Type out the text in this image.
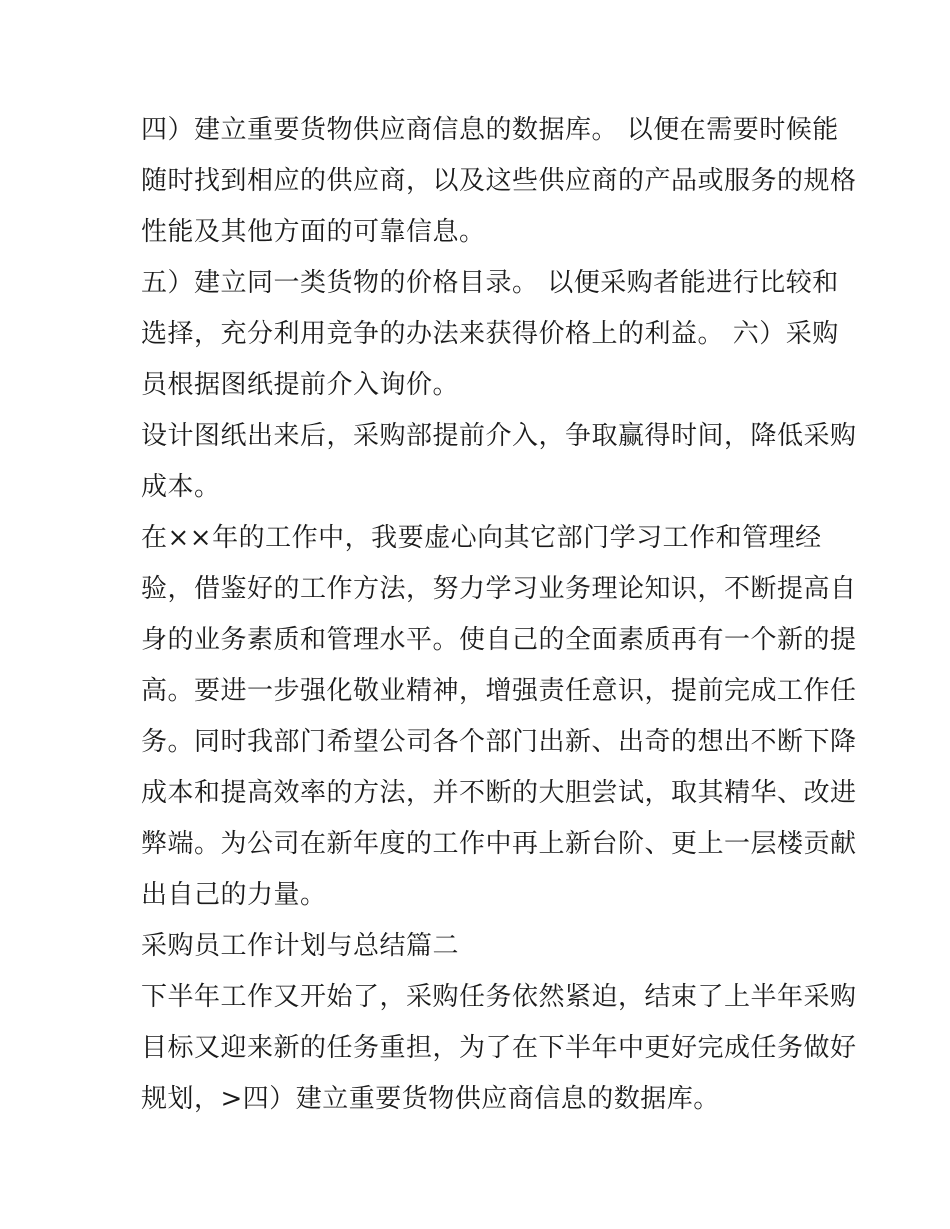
四）建立重要货物供应商信息的数据库。 以便在需要时候能
随时找到相应的供应商，以及这些供应商的产品或服务的规格
性能及其他方面的可靠信息。
五）建立同一类货物的价格目录。 以便采购者能进行比较和
选择，充分利用竞争的办法来获得价格上的利益。 六）采购
员根据图纸提前介入询价。
设计图纸出来后，采购部提前介入，争取赢得时间，降低采购
成本。
在××年的工作中，我要虚心向其它部门学习工作和管理经
验，借鉴好的工作方法，努力学习业务理论知识，不断提高自
身的业务素质和管理水平。使自己的全面素质再有一个新的提
高。要进一步强化敬业精神，增强责任意识，提前完成工作任
务。同时我部门希望公司各个部门出新、出奇的想出不断下降
成本和提高效率的方法，并不断的大胆尝试，取其精华、改进
弊端。为公司在新年度的工作中再上新台阶、更上一层楼贡献
出自己的力量。
采购员工作计划与总结篇二
下半年工作又开始了，采购任务依然紧迫，结束了上半年采购
目标又迎来新的任务重担，为了在下半年中更好完成任务做好
规划，>四）建立重要货物供应商信息的数据库。
